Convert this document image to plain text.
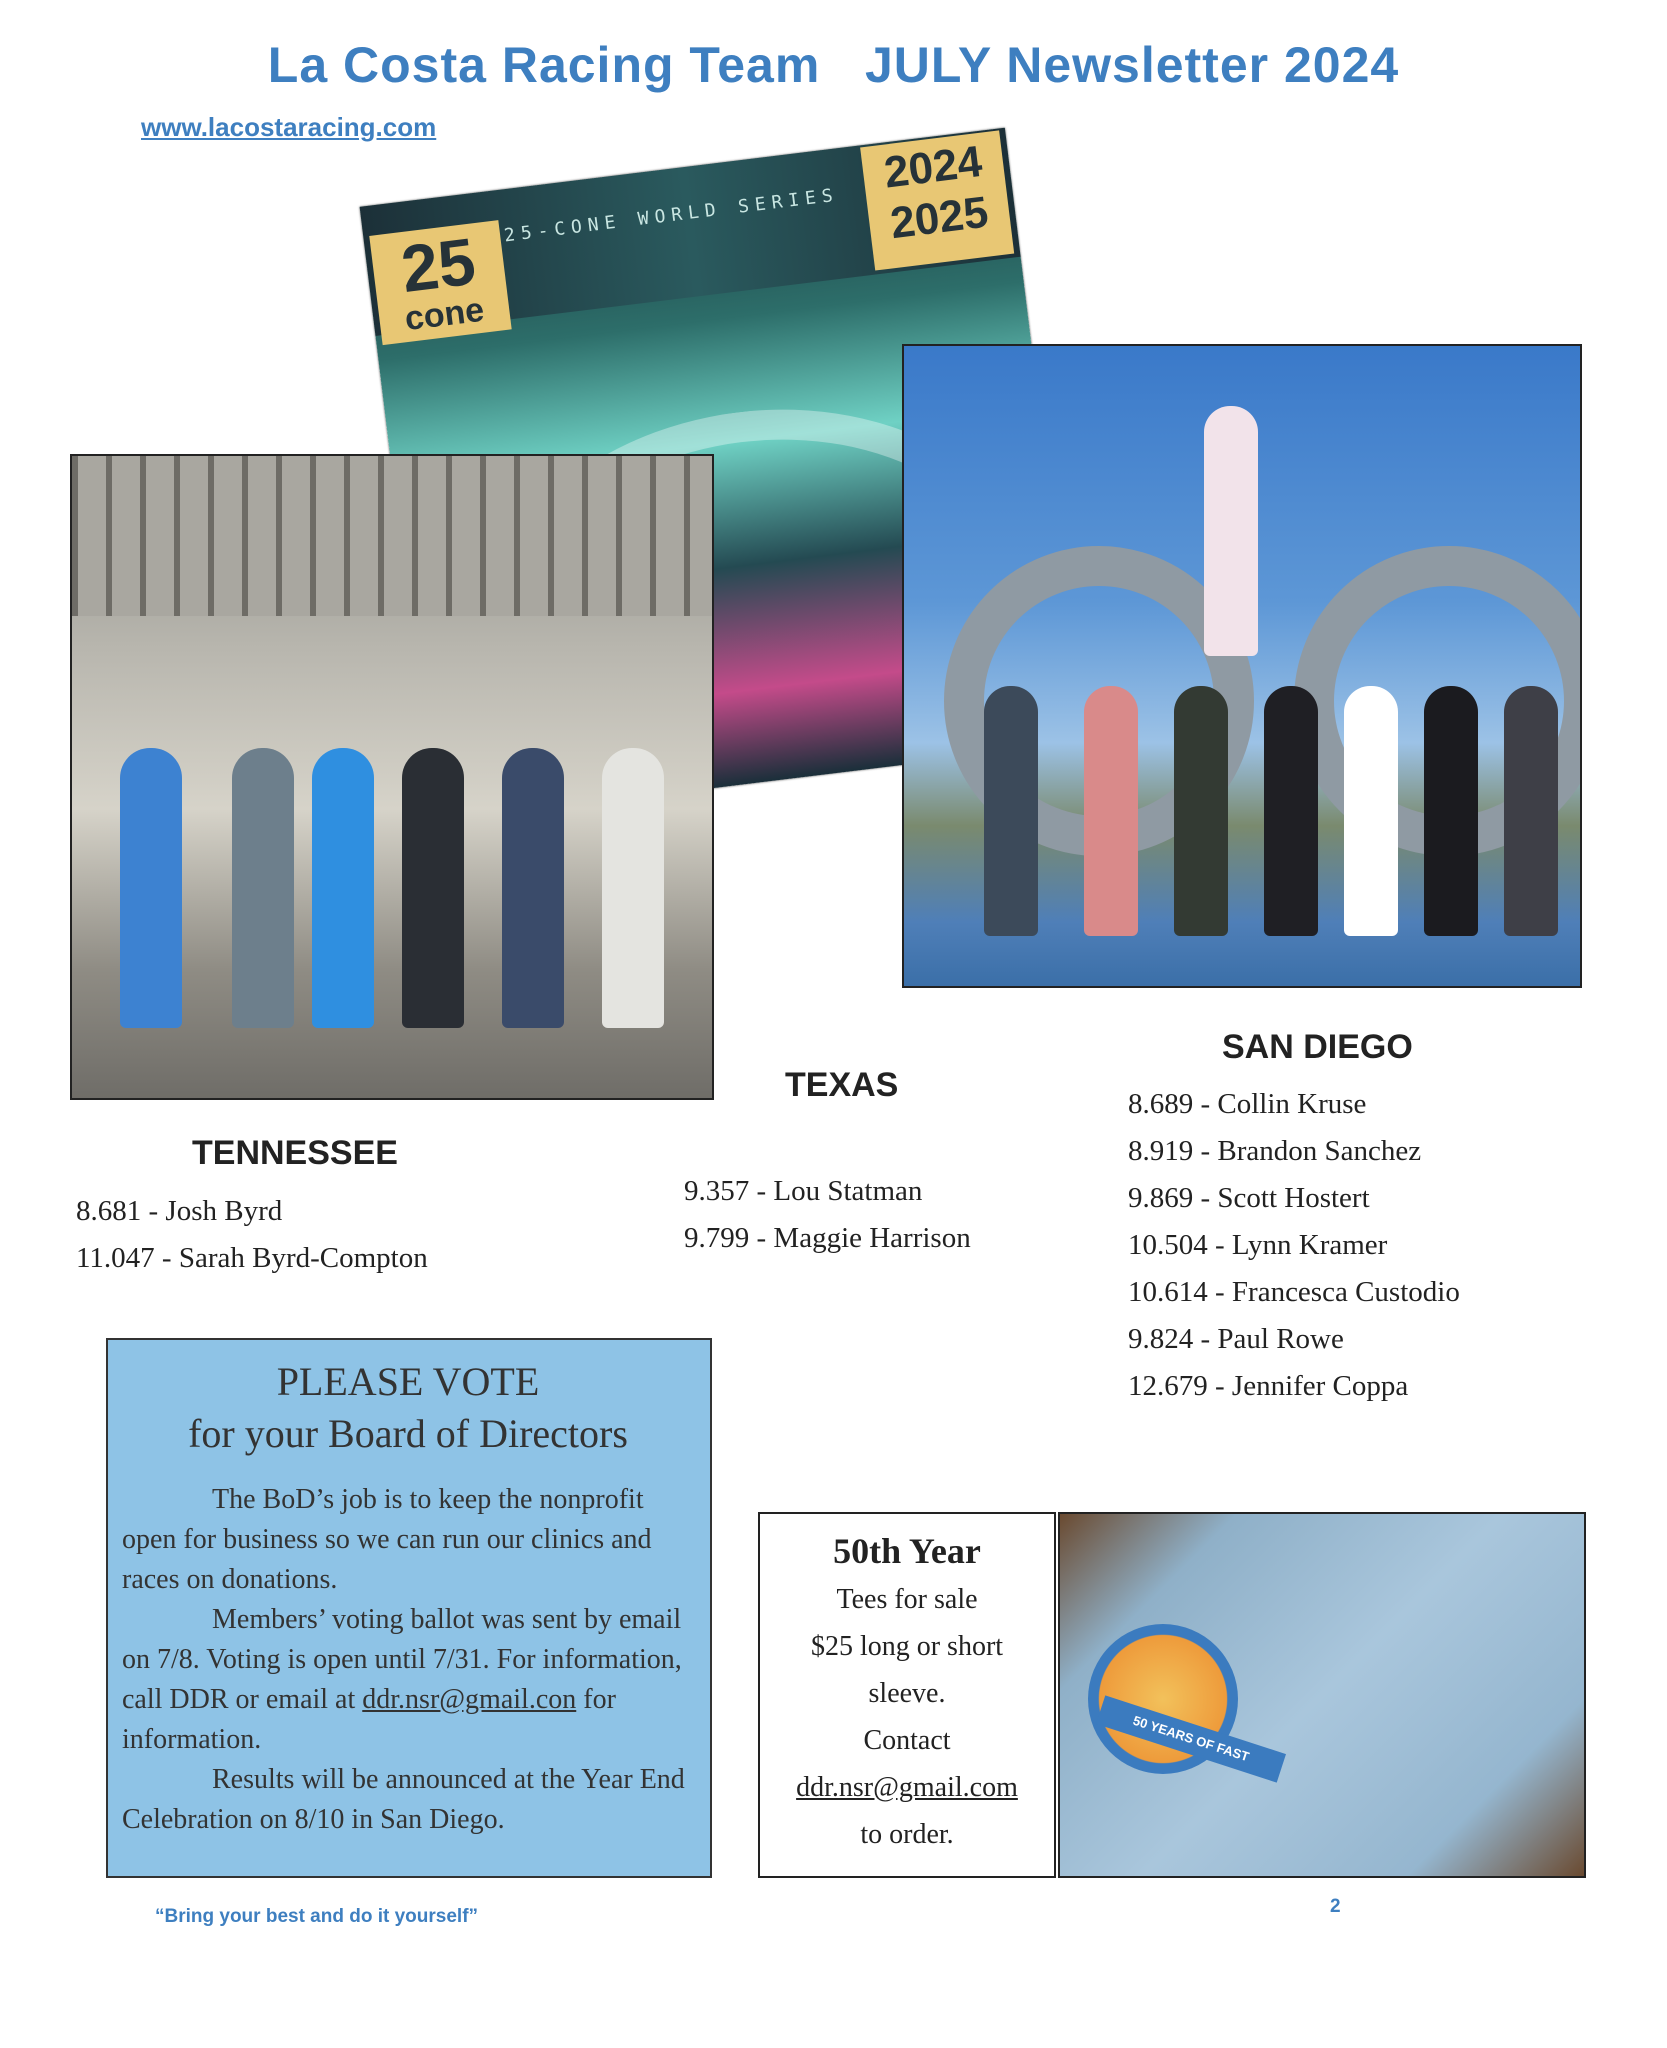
La Costa Racing Team   JULY Newsletter 2024
www.lacostaracing.com
25
cone
25-CONE WORLD SERIES
2024
2025
TEXAS
9.357 - Lou Statman
9.799 - Maggie Harrison
SAN DIEGO
8.689 - Collin Kruse
8.919 - Brandon Sanchez
9.869 - Scott Hostert
10.504 - Lynn Kramer
10.614 - Francesca Custodio
9.824 - Paul Rowe
12.679 - Jennifer Coppa
TENNESSEE
8.681 - Josh Byrd
11.047 - Sarah Byrd-Compton
PLEASE VOTE
for your Board of Directors

The BoD’s job is to keep the nonprofit open for business so we can run our clinics and races on donations.

Members’ voting ballot was sent by email on 7/8. Voting is open until 7/31. For information, call DDR or email at ddr.nsr@gmail.con for information.

Results will be announced at the Year End Celebration on 8/10 in San Diego.

50th Year
Tees for sale
$25 long or short
sleeve.
Contact
ddr.nsr@gmail.com
to order.
50 YEARS OF FAST
“Bring your best and do it yourself”	2
